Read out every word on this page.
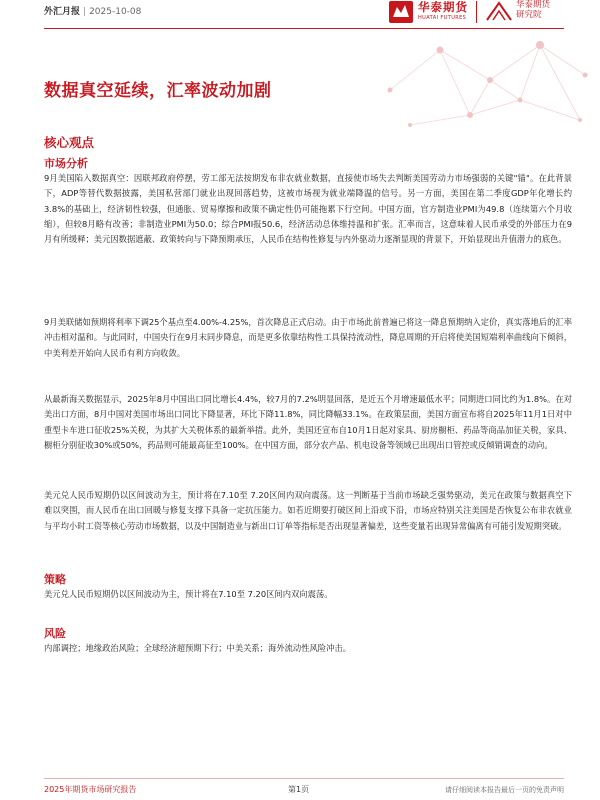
外汇月报 | 2025-10-08	华泰期货
HUATAI FUTURES
华泰期货
研究院
数据真空延续，汇率波动加剧
核心观点
市场分析

9月美国陷入数据真空：因联邦政府停摆，劳工部无法按期发布非农就业数据，直接使市场失去判断美国劳动力市场强弱的关键"锚"。在此背景下，ADP等替代数据披露，美国私营部门就业出现回落趋势，这被市场视为就业端降温的信号。另一方面，美国在第二季度GDP年化增长约3.8%的基础上，经济韧性较强，但通胀、贸易摩擦和政策不确定性仍可能拖累下行空间。中国方面，官方制造业PMI为49.8（连续第六个月收缩），但较8月略有改善；非制造业PMI为50.0；综合PMI报50.6，经济活动总体维持温和扩张。汇率而言，这意味着人民币承受的外部压力在9月有所缓释；美元因数据遮蔽、政策转向与下降预期承压，人民币在结构性修复与内外驱动力逐渐显现的背景下，开始显现出升值潜力的底色。

9月美联储如预期将利率下调25个基点至4.00%-4.25%，首次降息正式启动。由于市场此前普遍已将这一降息预期纳入定价，真实落地后的汇率冲击相对温和。与此同时，中国央行在9月末同步降息，而是更多依靠结构性工具保持流动性，降息周期的开启将使美国短端利率曲线向下倾斜，中美利差开始向人民币有利方向收敛。

从最新海关数据显示，2025年8月中国出口同比增长4.4%，较7月的7.2%明显回落，是近五个月增速最低水平；同期进口同比约为1.8%。在对美出口方面，8月中国对美国市场出口同比下降显著，环比下降11.8%，同比降幅33.1%。在政策层面，美国方面宣布将自2025年11月1日对中重型卡车进口征收25%关税，为其扩大关税体系的最新举措。此外，美国还宣布自10月1日起对家具、厨房橱柜、药品等商品加征关税，家具、橱柜分别征收30%或50%，药品则可能最高征至100%。在中国方面，部分农产品、机电设备等领域已出现出口管控或反倾销调查的动向。

美元兑人民币短期仍以区间波动为主，预计将在7.10至 7.20区间内双向震荡。这一判断基于当前市场缺乏强势驱动，美元在政策与数据真空下难以突围，而人民币在出口回暖与修复支撑下具备一定抗压能力。如若近期要打破区间上沿或下沿，市场应特别关注美国是否恢复公布非农就业与平均小时工资等核心劳动市场数据，以及中国制造业与新出口订单等指标是否出现显著偏差，这些变量若出现异常偏离有可能引发短期突破。

策略

美元兑人民币短期仍以区间波动为主，预计将在7.10至 7.20区间内双向震荡。

风险

内部调控；地缘政治风险；全球经济超预期下行；中美关系；海外流动性风险冲击。

2025年期货市场研究报告	第1页	请仔细阅读本报告最后一页的免责声明
